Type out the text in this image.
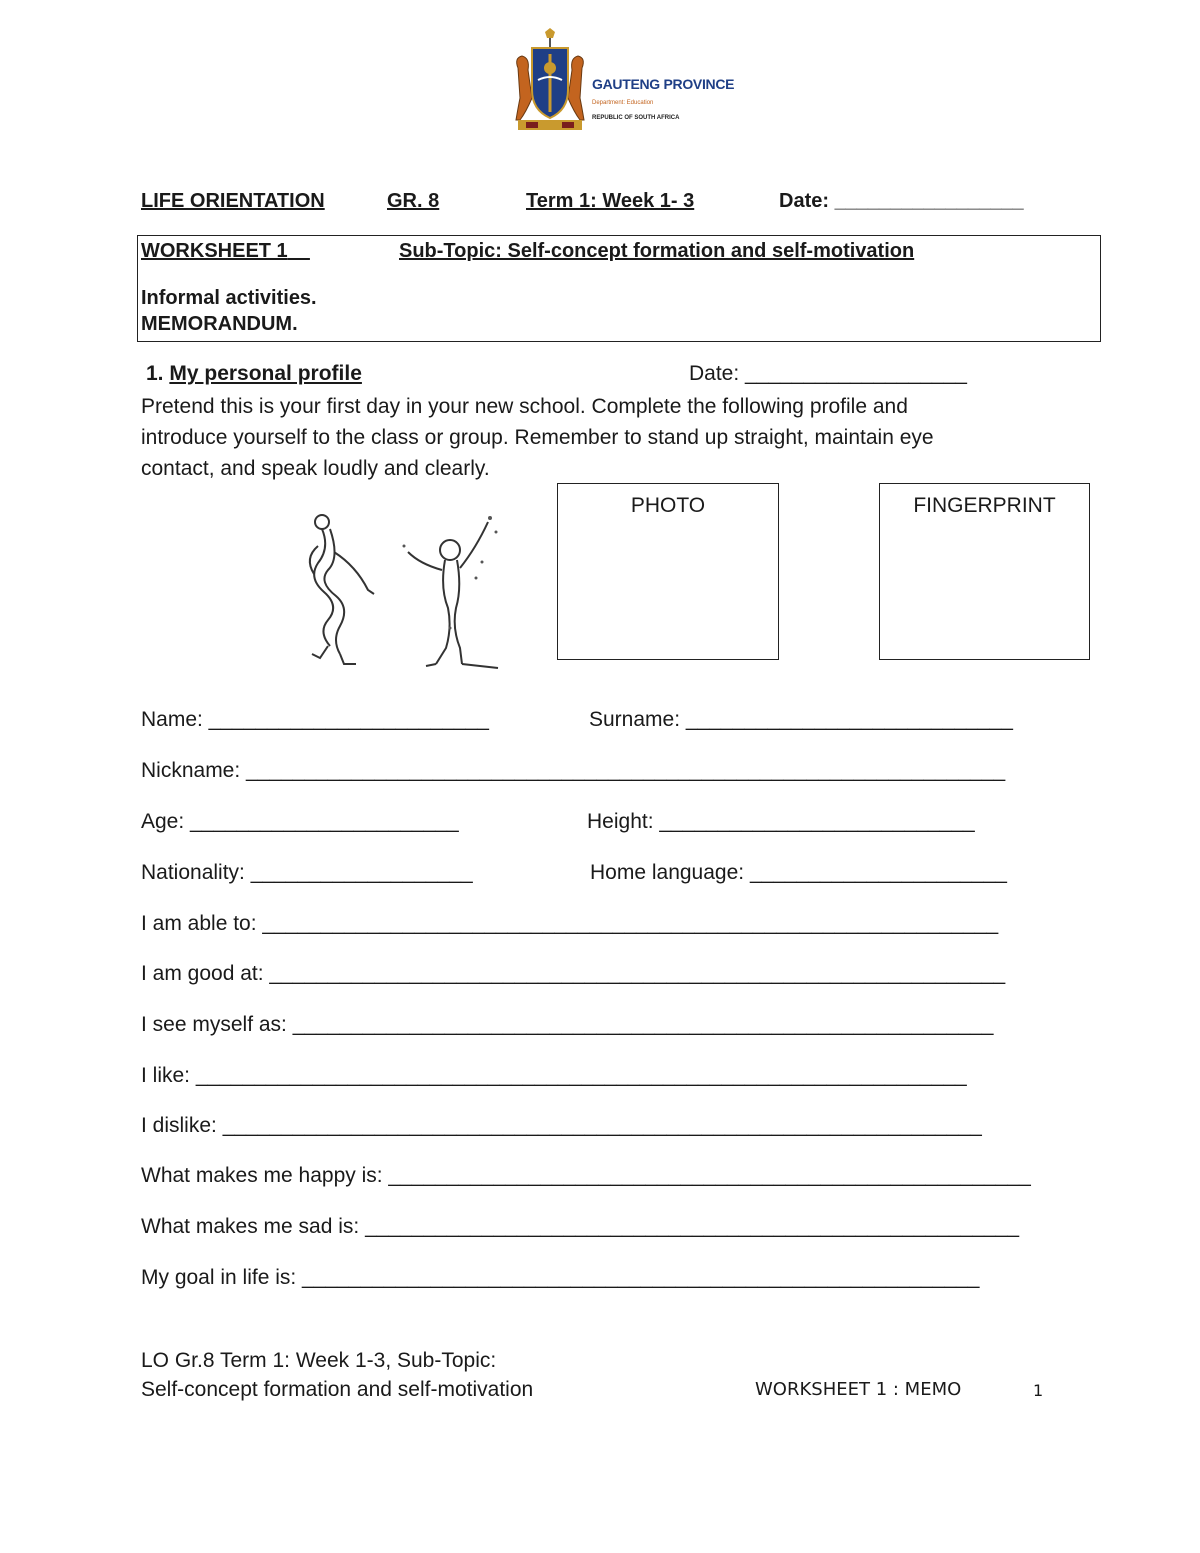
GAUTENG PROVINCE
Department: Education
REPUBLIC OF SOUTH AFRICA
LIFE ORIENTATION	GR. 8	Term 1: Week 1- 3	Date: _________________
WORKSHEET 1	Sub-Topic: Self-concept formation and self-motivation
Informal activities.
MEMORANDUM.
1. My personal profile	Date: ___________________
Pretend this is your first day in your new school. Complete the following profile and
introduce yourself to the class or group. Remember to stand up straight, maintain eye
contact, and speak loudly and clearly.
PHOTO	FINGERPRINT
Name: ________________________	Surname: ____________________________
Nickname: _________________________________________________________________
Age: _______________________	Height: ___________________________
Nationality: ___________________	Home language: ______________________
I am able to: _______________________________________________________________
I am good at: _______________________________________________________________
I see myself as: ____________________________________________________________
I like: __________________________________________________________________
I dislike: _________________________________________________________________
What makes me happy is: _______________________________________________________
What makes me sad is: ________________________________________________________
My goal in life is: __________________________________________________________
LO Gr.8 Term 1: Week 1-3, Sub-Topic:
Self-concept formation and self-motivation	WORKSHEET 1 : MEMO	1
